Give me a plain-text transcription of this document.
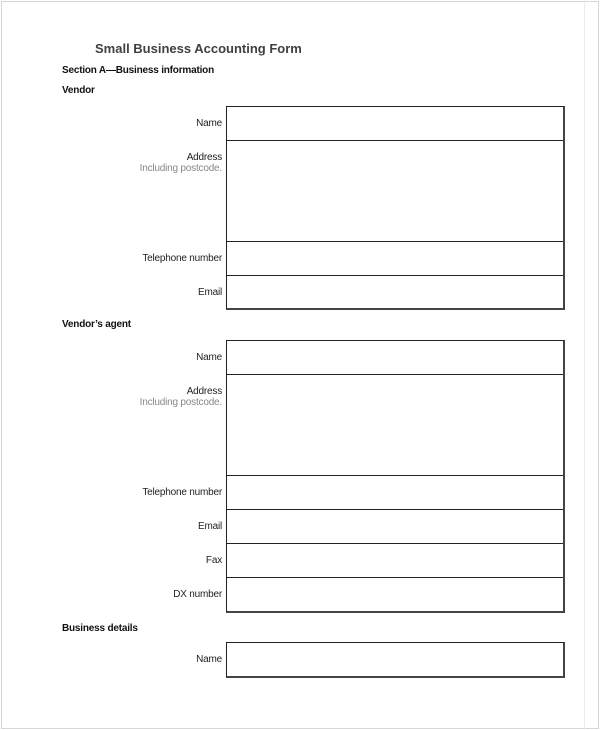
Small Business Accounting Form
Section A—Business information
Vendor
Name
Address
Including postcode.
Telephone number
Email
Vendor’s agent
Name
Address
Including postcode.
Telephone number
Email
Fax
DX number
Business details
Name
